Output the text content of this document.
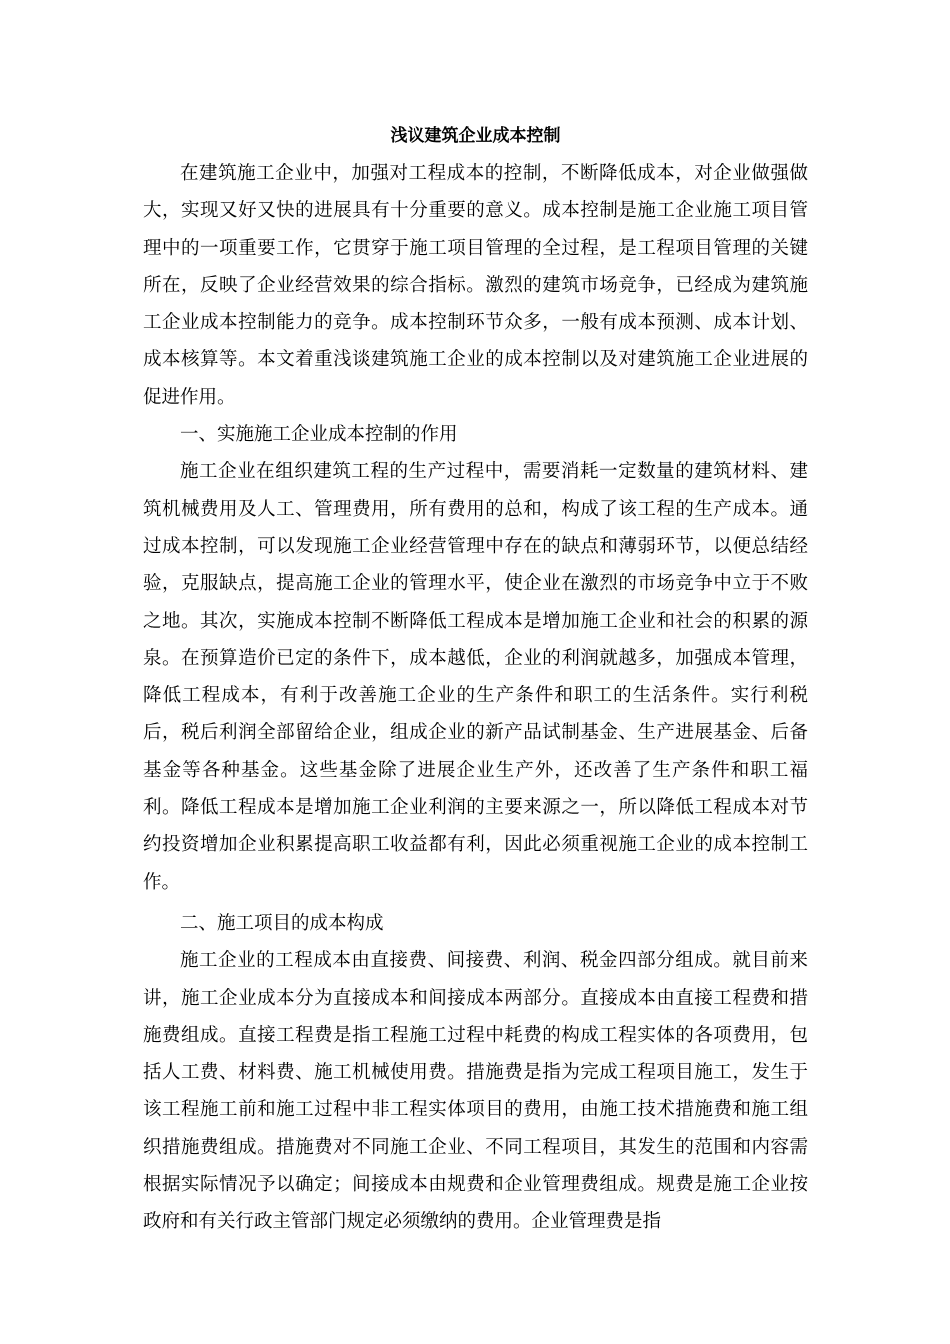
浅议建筑企业成本控制

在建筑施工企业中，加强对工程成本的控制，不断降低成本，对企业做强做大，实现又好又快的进展具有十分重要的意义。成本控制是施工企业施工项目管理中的一项重要工作，它贯穿于施工项目管理的全过程，是工程项目管理的关键所在，反映了企业经营效果的综合指标。激烈的建筑市场竞争，已经成为建筑施工企业成本控制能力的竞争。成本控制环节众多，一般有成本预测、成本计划、成本核算等。本文着重浅谈建筑施工企业的成本控制以及对建筑施工企业进展的促进作用。

一、实施施工企业成本控制的作用

施工企业在组织建筑工程的生产过程中，需要消耗一定数量的建筑材料、建筑机械费用及人工、管理费用，所有费用的总和，构成了该工程的生产成本。通过成本控制，可以发现施工企业经营管理中存在的缺点和薄弱环节，以便总结经验，克服缺点，提高施工企业的管理水平，使企业在激烈的市场竞争中立于不败之地。其次，实施成本控制不断降低工程成本是增加施工企业和社会的积累的源泉。在预算造价已定的条件下，成本越低，企业的利润就越多，加强成本管理，降低工程成本，有利于改善施工企业的生产条件和职工的生活条件。实行利税后，税后利润全部留给企业，组成企业的新产品试制基金、生产进展基金、后备基金等各种基金。这些基金除了进展企业生产外，还改善了生产条件和职工福利。降低工程成本是增加施工企业利润的主要来源之一，所以降低工程成本对节约投资增加企业积累提高职工收益都有利，因此必须重视施工企业的成本控制工作。

二、施工项目的成本构成

施工企业的工程成本由直接费、间接费、利润、税金四部分组成。就目前来讲，施工企业成本分为直接成本和间接成本两部分。直接成本由直接工程费和措施费组成。直接工程费是指工程施工过程中耗费的构成工程实体的各项费用，包括人工费、材料费、施工机械使用费。措施费是指为完成工程项目施工，发生于该工程施工前和施工过程中非工程实体项目的费用，由施工技术措施费和施工组织措施费组成。措施费对不同施工企业、不同工程项目，其发生的范围和内容需根据实际情况予以确定；间接成本由规费和企业管理费组成。规费是施工企业按政府和有关行政主管部门规定必须缴纳的费用。企业管理费是指
